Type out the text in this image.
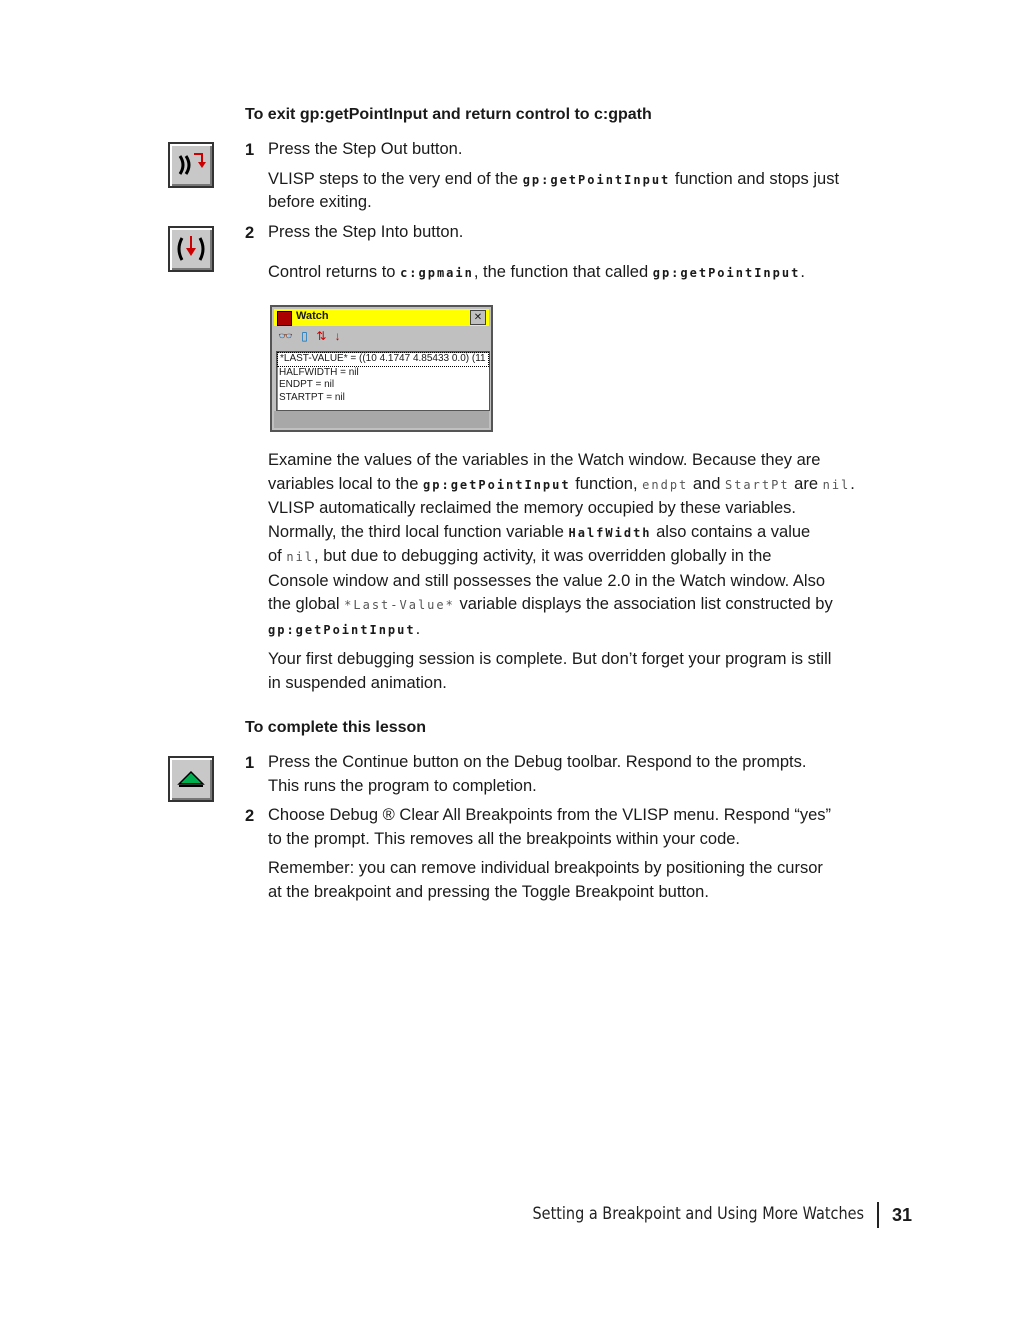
To exit gp:getPointInput and return control to c:gpath
1 Press the Step Out button.
VLISP steps to the very end of the gp:getPointInput function and stops just
before exiting.
2 Press the Step Into button.
Control returns to c:gpmain, the function that called gp:getPointInput.
Watch	✕
👓 ▯ ⇅ ↓
*LAST-VALUE* = ((10 4.1747 4.85433 0.0) (11
HALFWIDTH = nil
ENDPT = nil
STARTPT = nil
Examine the values of the variables in the Watch window. Because they are
variables local to the gp:getPointInput function, endpt and StartPt are nil.
VLISP automatically reclaimed the memory occupied by these variables.
Normally, the third local function variable HalfWidth also contains a value
of nil, but due to debugging activity, it was overridden globally in the
Console window and still possesses the value 2.0 in the Watch window. Also
the global *Last-Value* variable displays the association list constructed by
gp:getPointInput.
Your first debugging session is complete. But don’t forget your program is still
in suspended animation.
To complete this lesson
1 Press the Continue button on the Debug toolbar. Respond to the prompts.
This runs the program to completion.
2 Choose Debug ® Clear All Breakpoints from the VLISP menu. Respond “yes”
to the prompt. This removes all the breakpoints within your code.
Remember: you can remove individual breakpoints by positioning the cursor
at the breakpoint and pressing the Toggle Breakpoint button.
Setting a Breakpoint and Using More Watches 31
